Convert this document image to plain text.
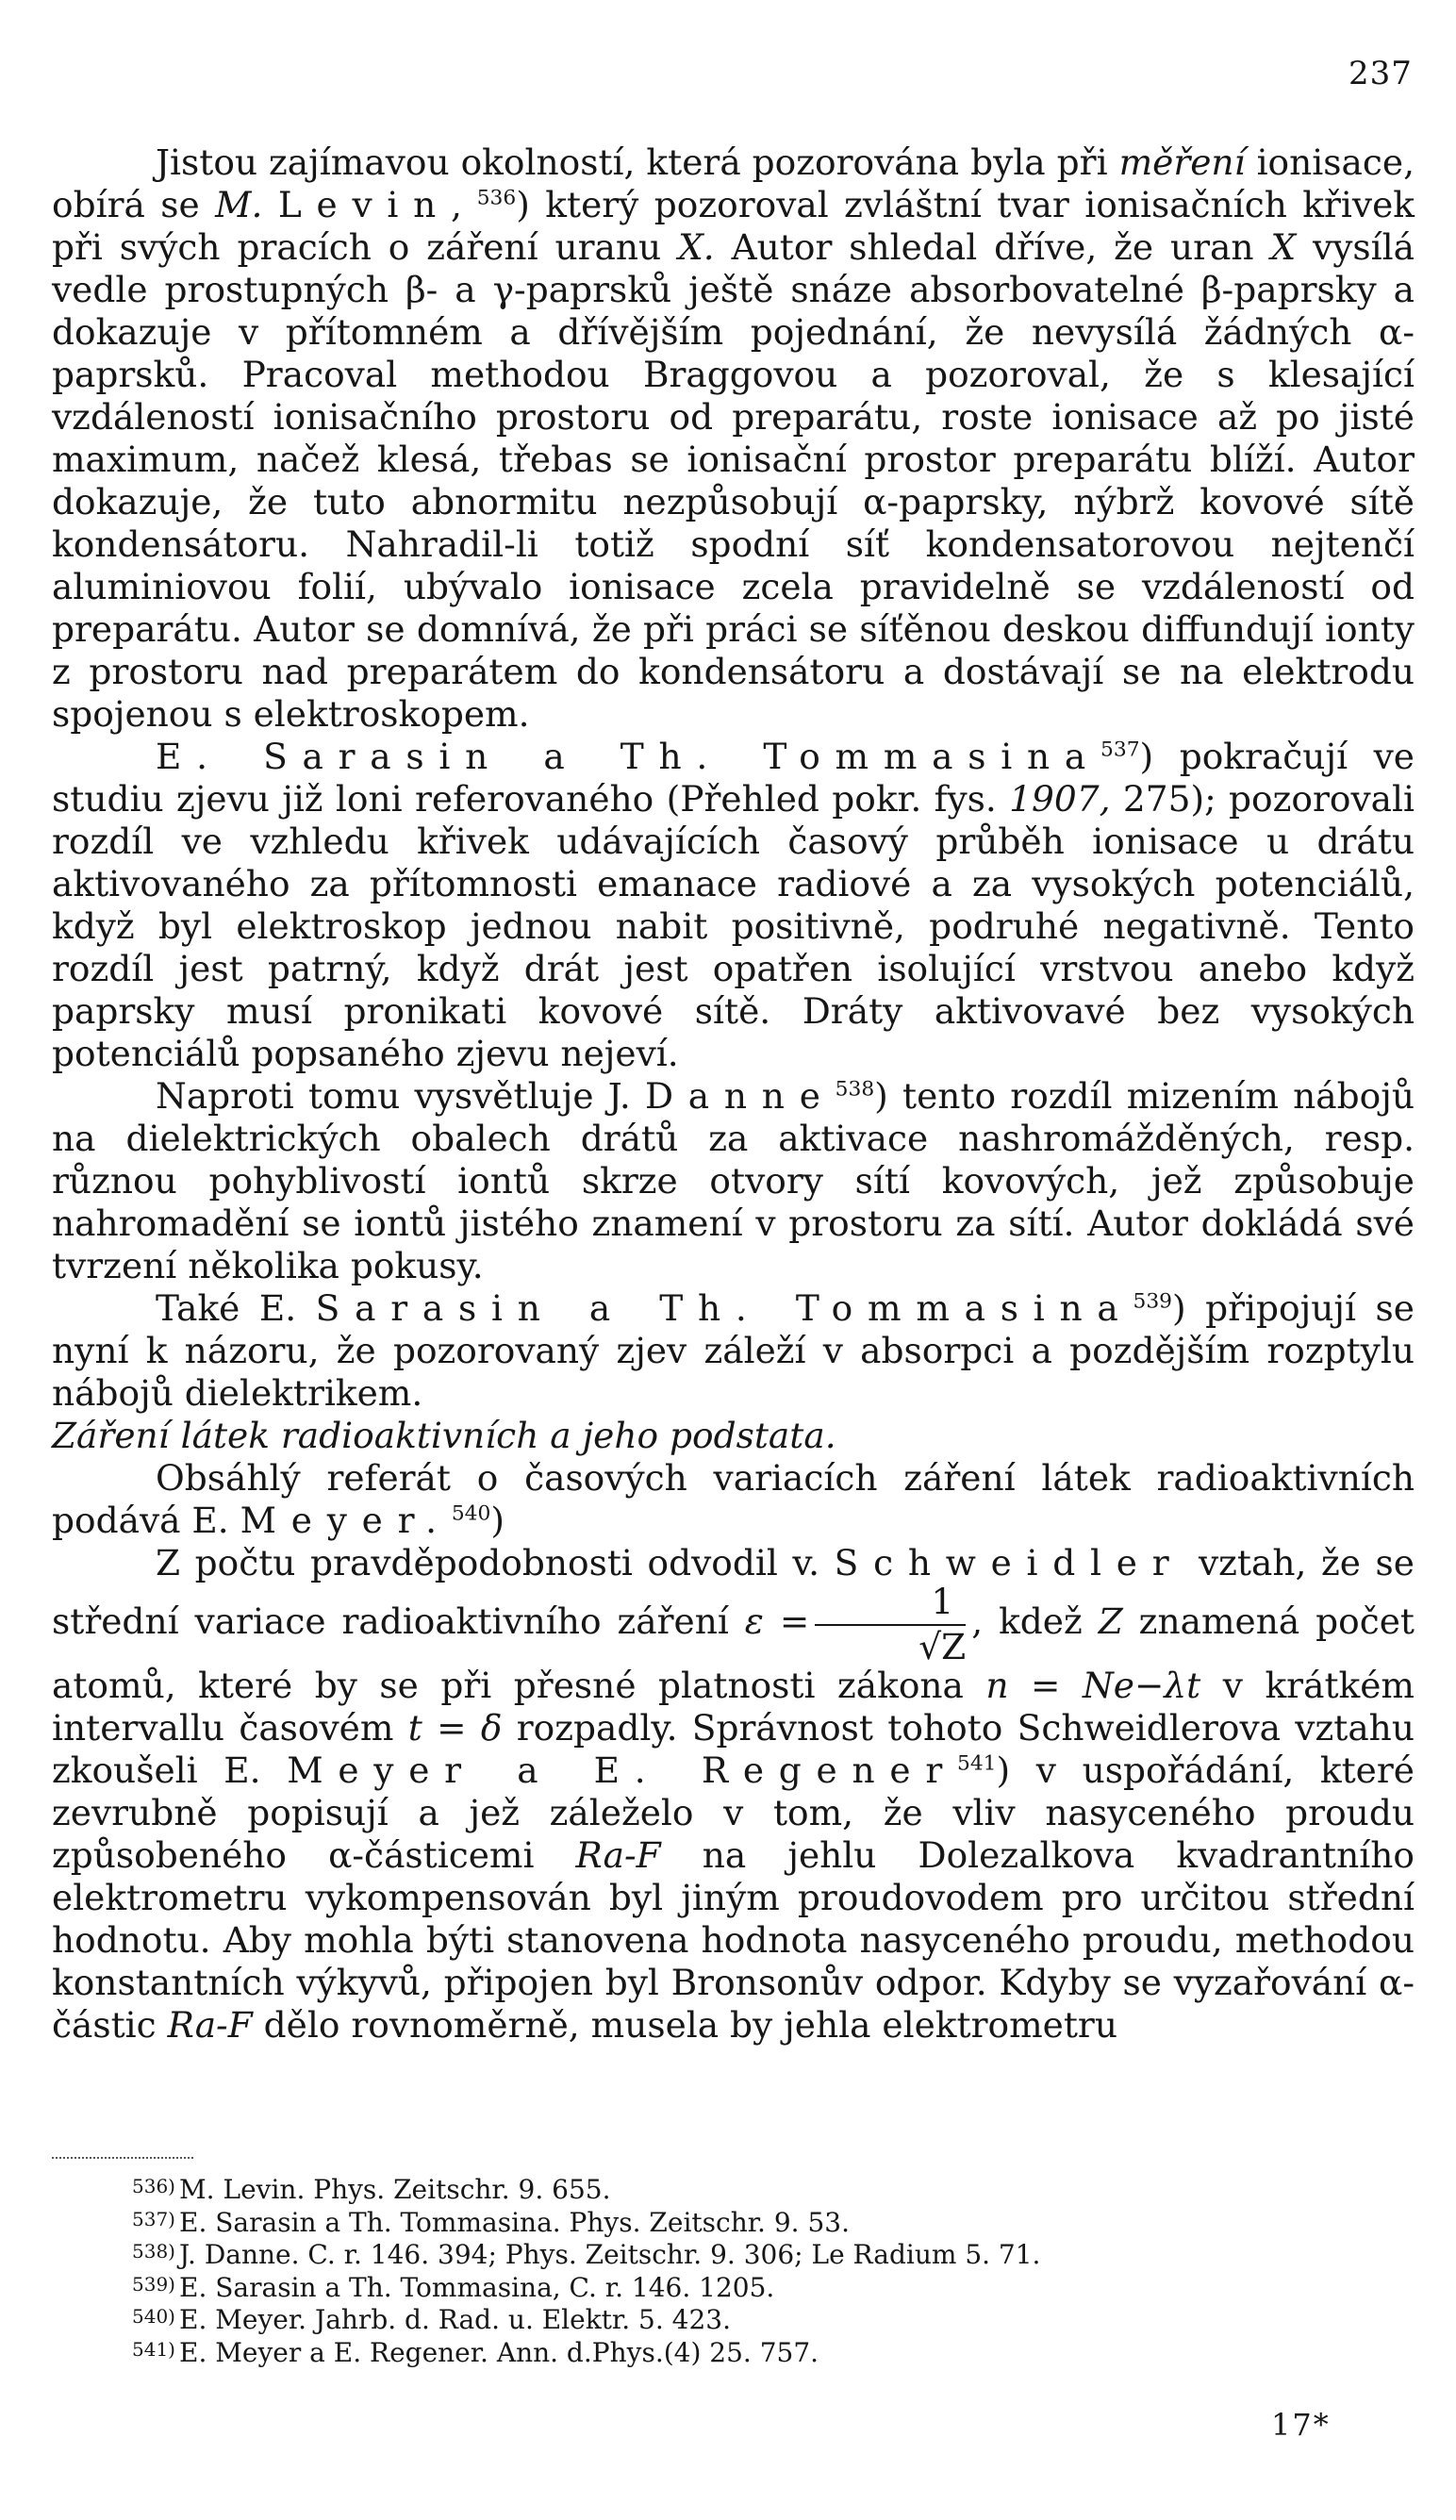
237

Jistou zajímavou okolností, která pozorována byla při měření ionisace, obírá se M. Levin,$^{536}$) který pozoroval zvláštní tvar ionisačních křivek při svých pracích o záření uranu X. Autor shledal dříve, že uran X vysílá vedle prostupných β- a γ-paprsků ještě snáze absorbovatelné β-paprsky a dokazuje v přítomném a dřívějším pojednání, že nevysílá žádných α-paprsků. Pracoval methodou Braggovou a pozoroval, že s klesající vzdáleností ionisačního prostoru od preparátu, roste ionisace až po jisté maximum, načež klesá, třebas se ionisační prostor preparátu blíží. Autor dokazuje, že tuto abnormitu nezpůsobují α-paprsky, nýbrž kovové sítě kondensátoru. Nahradil-li totiž spodní síť kondensatorovou nejtenčí aluminiovou folií, ubývalo ionisace zcela pravidelně se vzdáleností od preparátu. Autor se domnívá, že při práci se síťěnou deskou diffundují ionty z prostoru nad preparátem do kondensátoru a dostávají se na elektrodu spojenou s elektroskopem.

E. Sarasin a Th. Tommasina$^{537}$) pokračují ve studiu zjevu již loni referovaného (Přehled pokr. fys. 1907, 275); pozorovali rozdíl ve vzhledu křivek udávajících časový průběh ionisace u drátu aktivovaného za přítomnosti emanace radiové a za vysokých potenciálů, když byl elektroskop jednou nabit positivně, podruhé negativně. Tento rozdíl jest patrný, když drát jest opatřen isolující vrstvou anebo když paprsky musí pronikati kovové sítě. Dráty aktivovavé bez vysokých potenciálů popsaného zjevu nejeví.

Naproti tomu vysvětluje J. Danne$^{538}$) tento rozdíl mizením nábojů na dielektrických obalech drátů za aktivace nashromážděných, resp. různou pohyblivostí iontů skrze otvory sítí kovových, jež způsobuje nahromadění se iontů jistého znamení v prostoru za sítí. Autor dokládá své tvrzení několika pokusy.

Také E. Sarasin a Th. Tommasina$^{539}$) připojují se nyní k názoru, že pozorovaný zjev záleží v absorpci a pozdějším rozptylu nábojů dielektrikem.

Záření látek radioaktivních a jeho podstata.

Obsáhlý referát o časových variacích záření látek radioaktivních podává E. Meyer.$^{540}$)

Z počtu pravděpodobnosti odvodil v. Schweidler vztah, že se střední variace radioaktivního záření $\varepsilon = \frac{1}{√Z}$ , kdež Z znamená počet atomů, které by se při přesné platnosti zákona n = Ne−λt v krátkém intervallu časovém t = δ rozpadly. Správnost tohoto Schweidlerova vztahu zkoušeli E. Meyer a E. Regener$^{541}$) v uspořádání, které zevrubně popisují a jež záleželo v tom, že vliv nasyceného proudu způsobeného α-částicemi Ra-F na jehlu Dolezalkova kvadrantního elektrometru vykompensován byl jiným proudovodem pro určitou střední hodnotu. Aby mohla býti stanovena hodnota nasyceného proudu, methodou konstantních výkyvů, připojen byl Bronsonův odpor. Kdyby se vyzařování α-částic Ra-F dělo rovnoměrně, musela by jehla elektrometru

536) M. Levin. Phys. Zeitschr. 9. 655.
537) E. Sarasin a Th. Tommasina. Phys. Zeitschr. 9. 53.
538) J. Danne. C. r. 146. 394; Phys. Zeitschr. 9. 306; Le Radium 5. 71.
539) E. Sarasin a Th. Tommasina, C. r. 146. 1205.
540) E. Meyer. Jahrb. d. Rad. u. Elektr. 5. 423.
541) E. Meyer a E. Regener. Ann. d.Phys.(4) 25. 757.
17*
